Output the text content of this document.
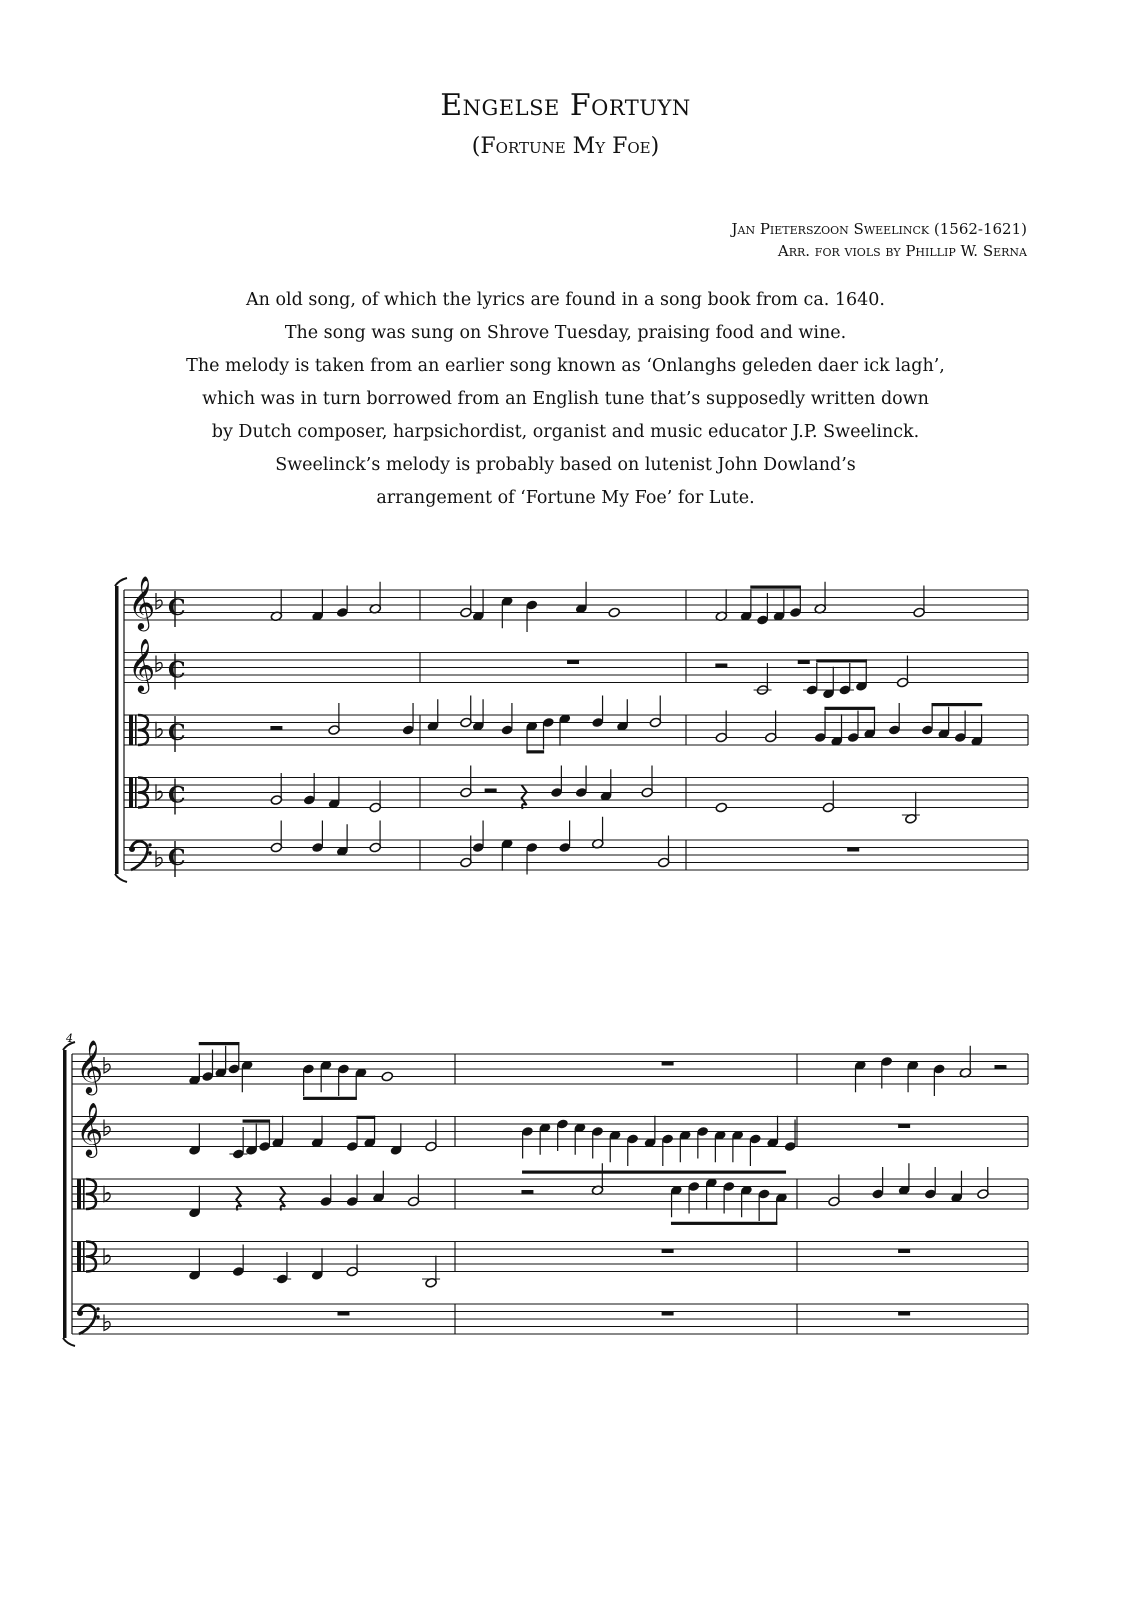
Engelse Fortuyn
(Fortune My Foe)
Jan Pieterszoon Sweelinck (1562-1621)
Arr. for viols by Phillip W. Serna
An old song, of which the lyrics are found in a song book from ca. 1640.
The song was sung on Shrove Tuesday, praising food and wine.
The melody is taken from an earlier song known as ‘Onlanghs geleden daer ick lagh’,
which was in turn borrowed from an English tune that’s supposedly written down
by Dutch composer, harpsichordist, organist and music educator J.P. Sweelinck.
Sweelinck’s melody is probably based on lutenist John Dowland’s
arrangement of ‘Fortune My Foe’ for Lute.
𝄞 C
𝄞 C
C
C
C
4
𝄞
𝄞
